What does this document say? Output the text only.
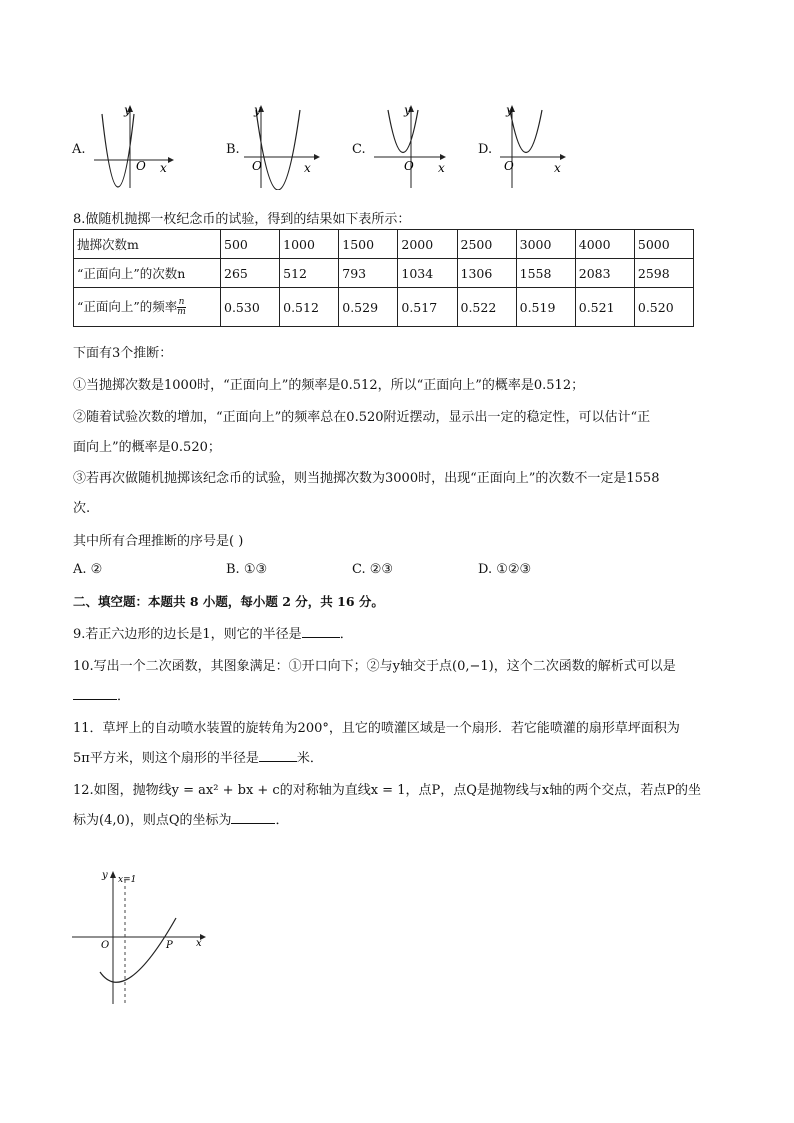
A.
y
O x
B.
y
O	x
C.
y
O x
D.
y
O	x
8.做随机抛掷一枚纪念币的试验，得到的结果如下表所示：
抛掷次数m	500	1000	1500	2000	2500	3000	4000	5000
“正面向上”的次数n	265	512	793	1034	1306	1558	2083	2598
“正面向上”的频率 $\frac{n}{m}$	0.530	0.512	0.529	0.517	0.522	0.519	0.521	0.520
下面有3个推断：
①当抛掷次数是1000时，“正面向上”的频率是0.512，所以“正面向上”的概率是0.512；
②随着试验次数的增加，“正面向上”的频率总在0.520附近摆动，显示出一定的稳定性，可以估计“正
面向上”的概率是0.520；
③若再次做随机抛掷该纪念币的试验，则当抛掷次数为3000时，出现“正面向上”的次数不一定是1558
次.
其中所有合理推断的序号是( )
A. ②	B. ①③	C. ②③	D. ①②③
二、填空题：本题共 8 小题，每小题 2 分，共 16 分。
9.若正六边形的边长是1，则它的半径是	．
10.写出一个二次函数，其图象满足：①开口向下；②与y轴交于点(0,−1)，这个二次函数的解析式可以是
．
11．草坪上的自动喷水装置的旋转角为200°，且它的喷灌区域是一个扇形．若它能喷灌的扇形草坪面积为
5π平方米，则这个扇形的半径是	米．
12.如图，抛物线y = ax² + bx + c的对称轴为直线x = 1，点P，点Q是抛物线与x轴的两个交点，若点P的坐
标为(4,0)，则点Q的坐标为	．
y x=1
O	P x
